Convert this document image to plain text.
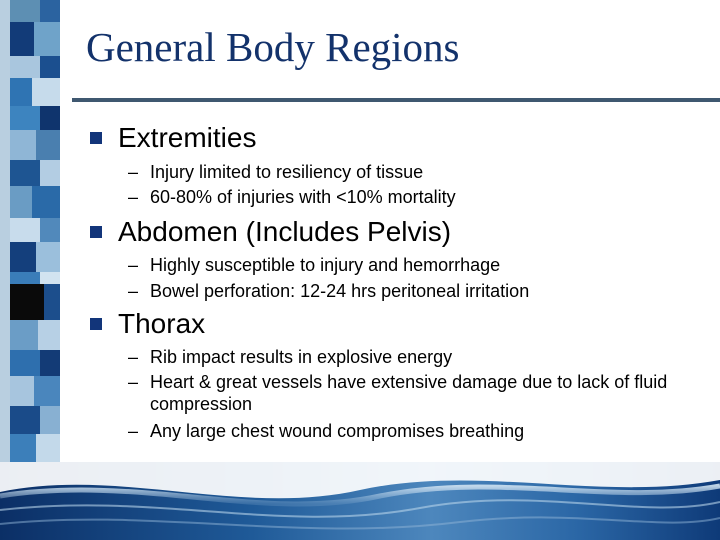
General Body Regions
Extremities
– Injury limited to resiliency of tissue
– 60-80% of injuries with <10% mortality
Abdomen (Includes Pelvis)
– Highly susceptible to injury and hemorrhage
– Bowel perforation: 12-24 hrs peritoneal irritation
Thorax
– Rib impact results in explosive energy
– Heart & great vessels have extensive damage due to lack of fluid compression
– Any large chest wound compromises breathing
